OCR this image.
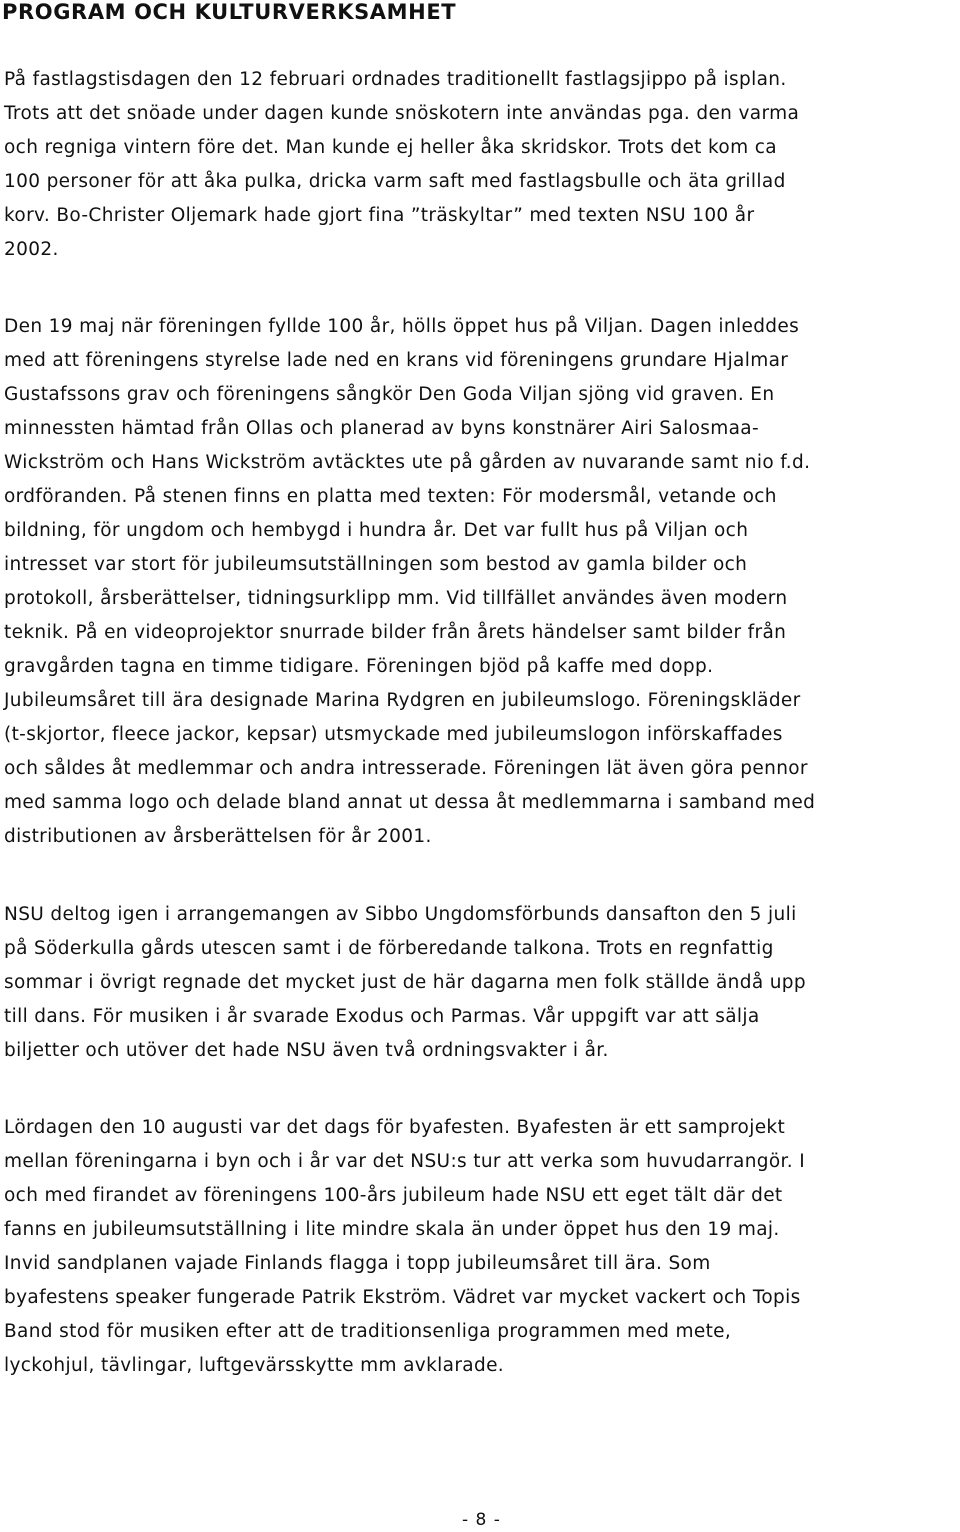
PROGRAM OCH KULTURVERKSAMHET
På fastlagstisdagen den 12 februari ordnades traditionellt fastlagsjippo på isplan.
Trots att det snöade under dagen kunde snöskotern inte användas pga. den varma
och regniga vintern före det. Man kunde ej heller åka skridskor. Trots det kom ca
100 personer för att åka pulka, dricka varm saft med fastlagsbulle och äta grillad
korv. Bo-Christer Oljemark hade gjort fina ”träskyltar” med texten NSU 100 år
2002.
Den 19 maj när föreningen fyllde 100 år, hölls öppet hus på Viljan. Dagen inleddes
med att föreningens styrelse lade ned en krans vid föreningens grundare Hjalmar
Gustafssons grav och föreningens sångkör Den Goda Viljan sjöng vid graven. En
minnessten hämtad från Ollas och planerad av byns konstnärer Airi Salosmaa-
Wickström och Hans Wickström avtäcktes ute på gården av nuvarande samt nio f.d.
ordföranden. På stenen finns en platta med texten: För modersmål, vetande och
bildning, för ungdom och hembygd i hundra år. Det var fullt hus på Viljan och
intresset var stort för jubileumsutställningen som bestod av gamla bilder och
protokoll, årsberättelser, tidningsurklipp mm. Vid tillfället användes även modern
teknik. På en videoprojektor snurrade bilder från årets händelser samt bilder från
gravgården tagna en timme tidigare. Föreningen bjöd på kaffe med dopp.
Jubileumsåret till ära designade Marina Rydgren en jubileumslogo. Föreningskläder
(t-skjortor, fleece jackor, kepsar) utsmyckade med jubileumslogon införskaffades
och såldes åt medlemmar och andra intresserade. Föreningen lät även göra pennor
med samma logo och delade bland annat ut dessa åt medlemmarna i samband med
distributionen av årsberättelsen för år 2001.
NSU deltog igen i arrangemangen av Sibbo Ungdomsförbunds dansafton den 5 juli
på Söderkulla gårds utescen samt i de förberedande talkona. Trots en regnfattig
sommar i övrigt regnade det mycket just de här dagarna men folk ställde ändå upp
till dans. För musiken i år svarade Exodus och Parmas. Vår uppgift var att sälja
biljetter och utöver det hade NSU även två ordningsvakter i år.
Lördagen den 10 augusti var det dags för byafesten. Byafesten är ett samprojekt
mellan föreningarna i byn och i år var det NSU:s tur att verka som huvudarrangör. I
och med firandet av föreningens 100-års jubileum hade NSU ett eget tält där det
fanns en jubileumsutställning i lite mindre skala än under öppet hus den 19 maj.
Invid sandplanen vajade Finlands flagga i topp jubileumsåret till ära. Som
byafestens speaker fungerade Patrik Ekström. Vädret var mycket vackert och Topis
Band stod för musiken efter att de traditionsenliga programmen med mete,
lyckohjul, tävlingar, luftgevärsskytte mm avklarade.
- 8 -
